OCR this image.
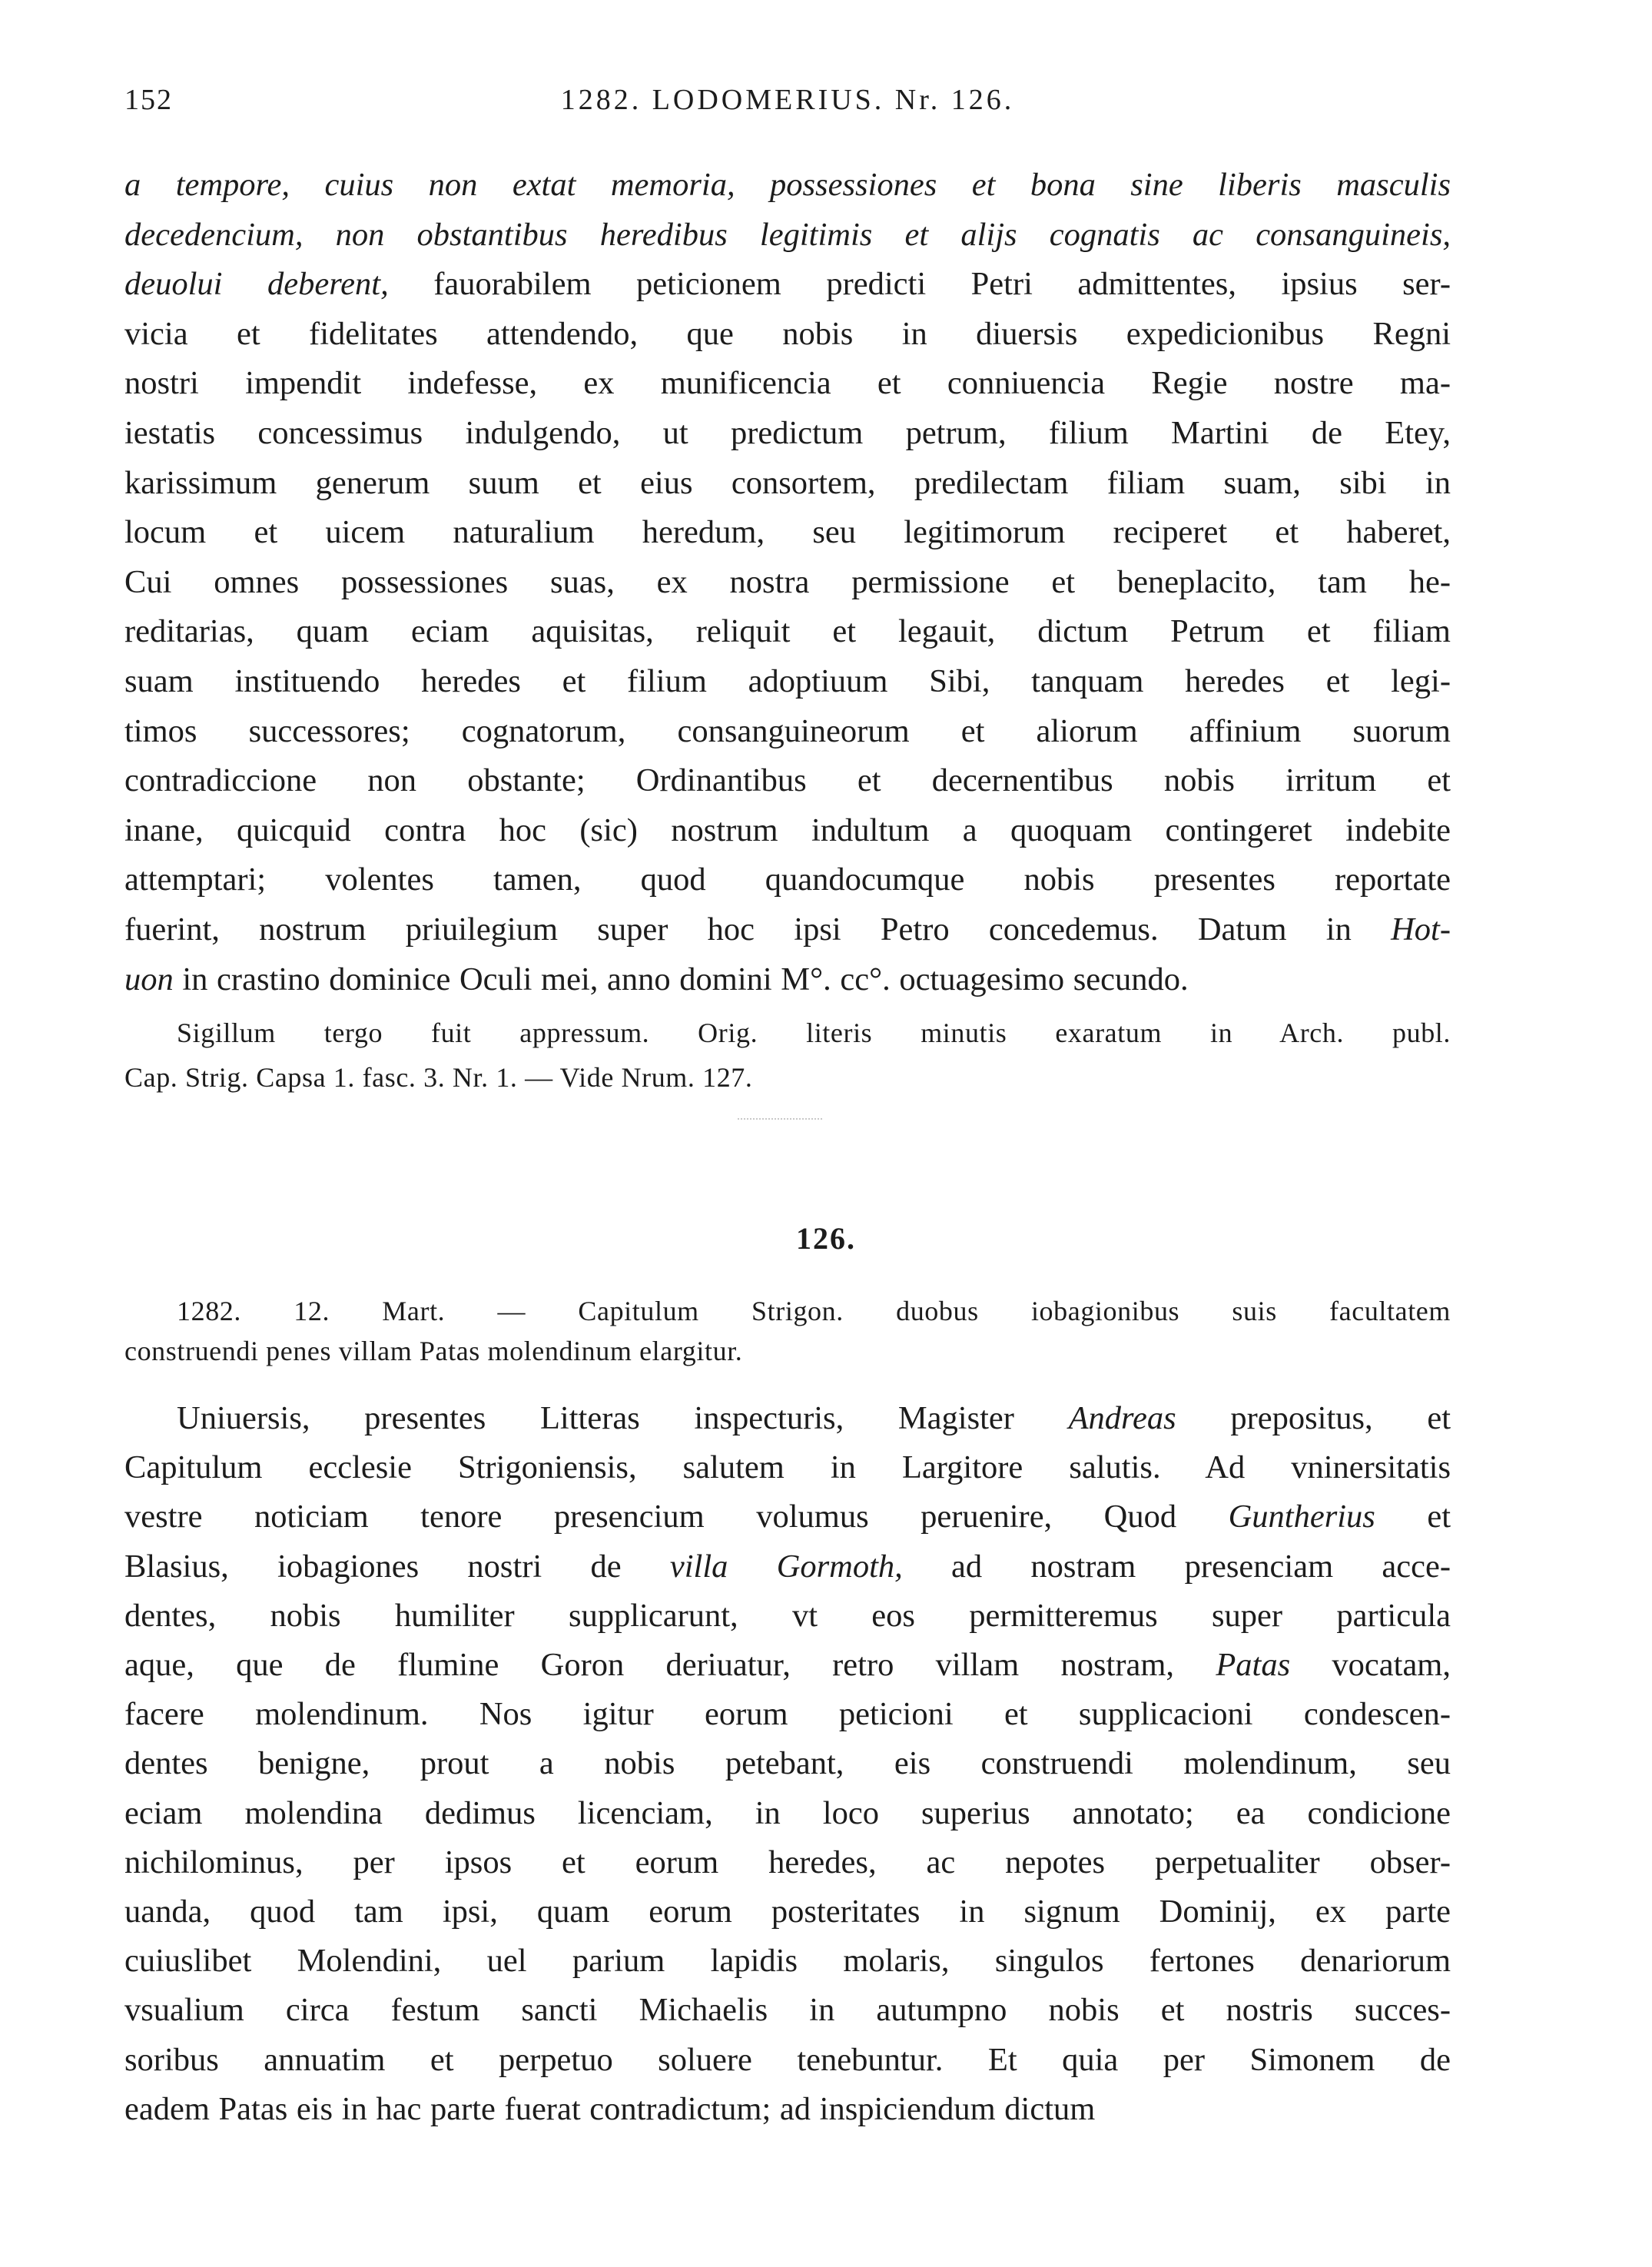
152	1282. LODOMERIUS. Nr. 126.
a tempore, cuius non extat memoria, possessiones et bona sine liberis masculis
decedencium, non obstantibus heredibus legitimis et alijs cognatis ac consanguineis,
deuolui deberent, fauorabilem peticionem predicti Petri admittentes, ipsius ser-
vicia et fidelitates attendendo, que nobis in diuersis expedicionibus Regni
nostri impendit indefesse, ex munificencia et conniuencia Regie nostre ma-
iestatis concessimus indulgendo, ut predictum petrum, filium Martini de Etey,
karissimum generum suum et eius consortem, predilectam filiam suam, sibi in
locum et uicem naturalium heredum, seu legitimorum reciperet et haberet,
Cui omnes possessiones suas, ex nostra permissione et beneplacito, tam he-
reditarias, quam eciam aquisitas, reliquit et legauit, dictum Petrum et filiam
suam instituendo heredes et filium adoptiuum Sibi, tanquam heredes et legi-
timos successores; cognatorum, consanguineorum et aliorum affinium suorum
contradiccione non obstante; Ordinantibus et decernentibus nobis irritum et
inane, quicquid contra hoc (sic) nostrum indultum a quoquam contingeret indebite
attemptari; volentes tamen, quod quandocumque nobis presentes reportate
fuerint, nostrum priuilegium super hoc ipsi Petro concedemus. Datum in Hot-
uon in crastino dominice Oculi mei, anno domini M°. cc°. octuagesimo secundo.
Sigillum tergo fuit appressum. Orig. literis minutis exaratum in Arch. publ.
Cap. Strig. Capsa 1. fasc. 3. Nr. 1. — Vide Nrum. 127.
126.
1282. 12. Mart. — Capitulum Strigon. duobus iobagionibus suis facultatem
construendi penes villam Patas molendinum elargitur.
Uniuersis, presentes Litteras inspecturis, Magister Andreas prepositus, et
Capitulum ecclesie Strigoniensis, salutem in Largitore salutis. Ad vninersitatis
vestre noticiam tenore presencium volumus peruenire, Quod Guntherius et
Blasius, iobagiones nostri de villa Gormoth, ad nostram presenciam acce-
dentes, nobis humiliter supplicarunt, vt eos permitteremus super particula
aque, que de flumine Goron deriuatur, retro villam nostram, Patas vocatam,
facere molendinum. Nos igitur eorum peticioni et supplicacioni condescen-
dentes benigne, prout a nobis petebant, eis construendi molendinum, seu
eciam molendina dedimus licenciam, in loco superius annotato; ea condicione
nichilominus, per ipsos et eorum heredes, ac nepotes perpetualiter obser-
uanda, quod tam ipsi, quam eorum posteritates in signum Dominij, ex parte
cuiuslibet Molendini, uel parium lapidis molaris, singulos fertones denariorum
vsualium circa festum sancti Michaelis in autumpno nobis et nostris succes-
soribus annuatim et perpetuo soluere tenebuntur. Et quia per Simonem de
eadem Patas eis in hac parte fuerat contradictum; ad inspiciendum dictum
